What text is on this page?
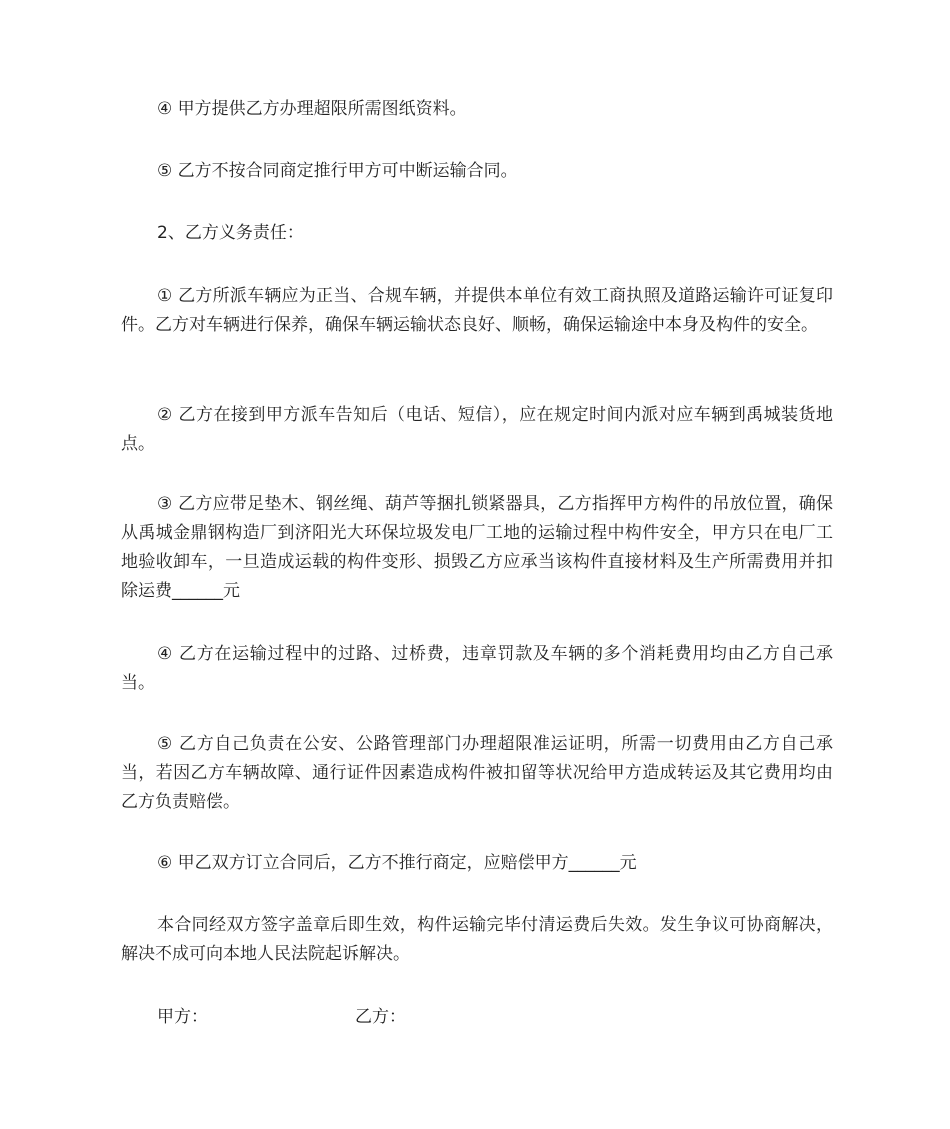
④ 甲方提供乙方办理超限所需图纸资料。

⑤ 乙方不按合同商定推行甲方可中断运输合同。

2、乙方义务责任：

① 乙方所派车辆应为正当、合规车辆，并提供本单位有效工商执照及道路运输许可证复印件。乙方对车辆进行保养，确保车辆运输状态良好、顺畅，确保运输途中本身及构件的安全。

② 乙方在接到甲方派车告知后（电话、短信），应在规定时间内派对应车辆到禹城装货地点。

③ 乙方应带足垫木、钢丝绳、葫芦等捆扎锁紧器具，乙方指挥甲方构件的吊放位置，确保从禹城金鼎钢构造厂到济阳光大环保垃圾发电厂工地的运输过程中构件安全，甲方只在电厂工地验收卸车，一旦造成运载的构件变形、损毁乙方应承当该构件直接材料及生产所需费用并扣除运费______元

④ 乙方在运输过程中的过路、过桥费，违章罚款及车辆的多个消耗费用均由乙方自己承当。

⑤ 乙方自己负责在公安、公路管理部门办理超限准运证明，所需一切费用由乙方自己承当，若因乙方车辆故障、通行证件因素造成构件被扣留等状况给甲方造成转运及其它费用均由乙方负责赔偿。

⑥ 甲乙双方订立合同后，乙方不推行商定，应赔偿甲方______元

本合同经双方签字盖章后即生效，构件运输完毕付清运费后失效。发生争议可协商解决，解决不成可向本地人民法院起诉解决。

甲方：	乙方：
